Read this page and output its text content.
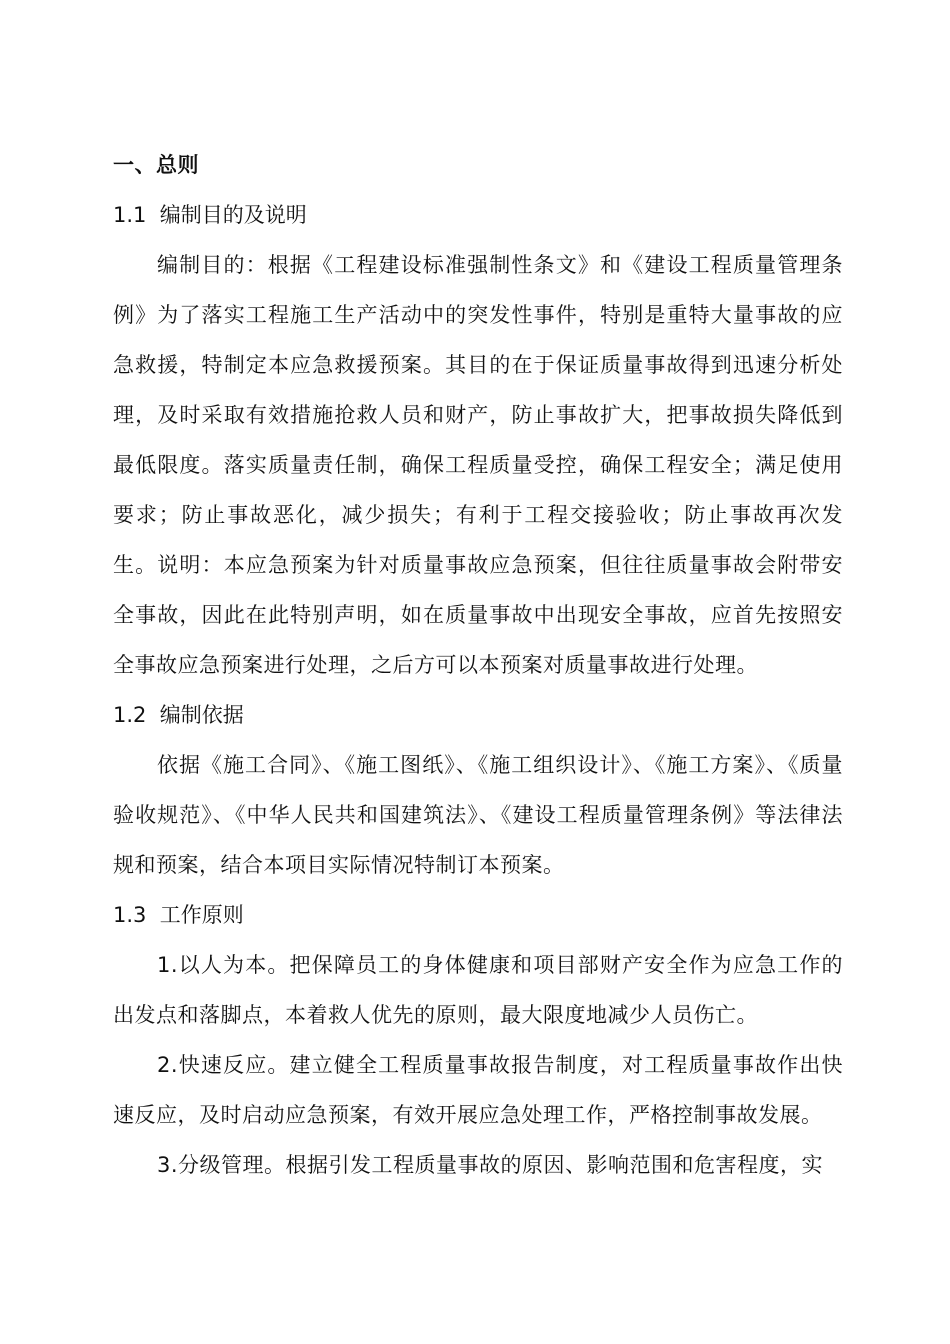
一、总则
1.1 编制目的及说明

编制目的：根据《工程建设标准强制性条文》和《建设工程质量管理条例》为了落实工程施工生产活动中的突发性事件，特别是重特大量事故的应急救援，特制定本应急救援预案。其目的在于保证质量事故得到迅速分析处理，及时采取有效措施抢救人员和财产，防止事故扩大，把事故损失降低到最低限度。落实质量责任制，确保工程质量受控，确保工程安全；满足使用要求；防止事故恶化，减少损失；有利于工程交接验收；防止事故再次发生。说明：本应急预案为针对质量事故应急预案，但往往质量事故会附带安全事故，因此在此特别声明，如在质量事故中出现安全事故，应首先按照安全事故应急预案进行处理，之后方可以本预案对质量事故进行处理。

1.2 编制依据

依据《施工合同》、《施工图纸》、《施工组织设计》、《施工方案》、《质量验收规范》、《中华人民共和国建筑法》、《建设工程质量管理条例》等法律法规和预案，结合本项目实际情况特制订本预案。

1.3 工作原则

1.以人为本。把保障员工的身体健康和项目部财产安全作为应急工作的出发点和落脚点，本着救人优先的原则，最大限度地减少人员伤亡。

2.快速反应。建立健全工程质量事故报告制度，对工程质量事故作出快速反应，及时启动应急预案，有效开展应急处理工作，严格控制事故发展。

3.分级管理。根据引发工程质量事故的原因、影响范围和危害程度，实
